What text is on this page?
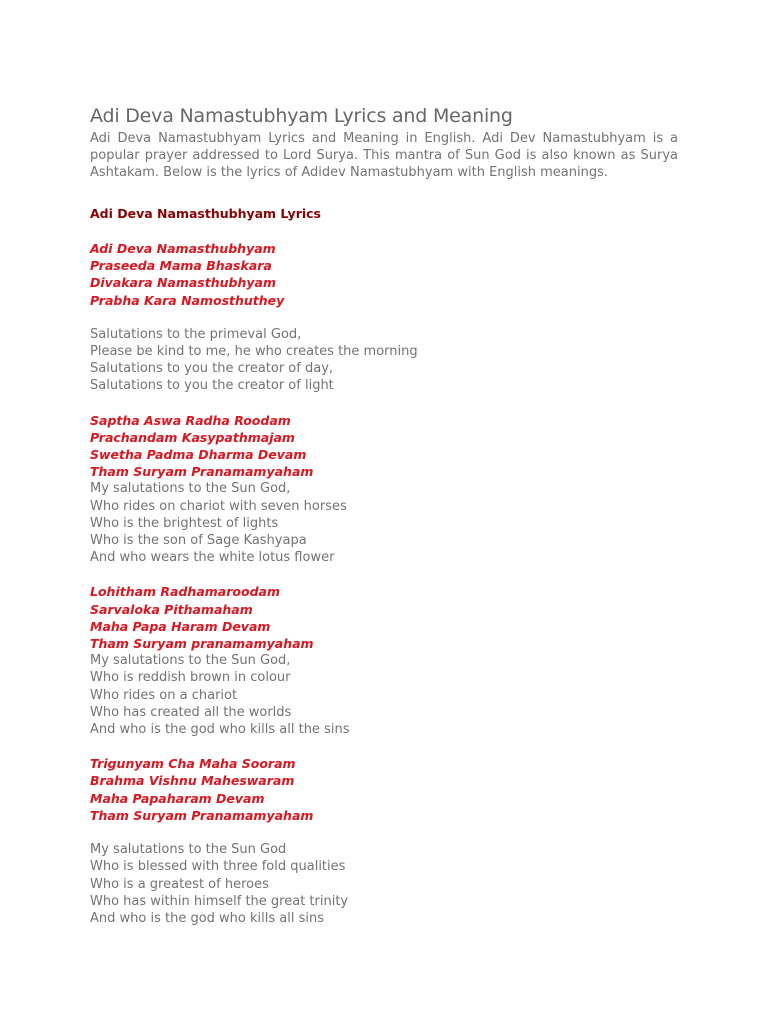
Adi Deva Namastubhyam Lyrics and Meaning

Adi Deva Namastubhyam Lyrics and Meaning in English. Adi Dev Namastubhyam is a popular prayer addressed to Lord Surya. This mantra of Sun God is also known as Surya Ashtakam. Below is the lyrics of Adidev Namastubhyam with English meanings.

Adi Deva Namasthubhyam Lyrics
Adi Deva Namasthubhyam
Praseeda Mama Bhaskara
Divakara Namasthubhyam
Prabha Kara Namosthuthey
Salutations to the primeval God,
Please be kind to me, he who creates the morning
Salutations to you the creator of day,
Salutations to you the creator of light
Saptha Aswa Radha Roodam
Prachandam Kasypathmajam
Swetha Padma Dharma Devam
Tham Suryam Pranamamyaham
My salutations to the Sun God,
Who rides on chariot with seven horses
Who is the brightest of lights
Who is the son of Sage Kashyapa
And who wears the white lotus flower
Lohitham Radhamaroodam
Sarvaloka Pithamaham
Maha Papa Haram Devam
Tham Suryam pranamamyaham
My salutations to the Sun God,
Who is reddish brown in colour
Who rides on a chariot
Who has created all the worlds
And who is the god who kills all the sins
Trigunyam Cha Maha Sooram
Brahma Vishnu Maheswaram
Maha Papaharam Devam
Tham Suryam Pranamamyaham
My salutations to the Sun God
Who is blessed with three fold qualities
Who is a greatest of heroes
Who has within himself the great trinity
And who is the god who kills all sins
